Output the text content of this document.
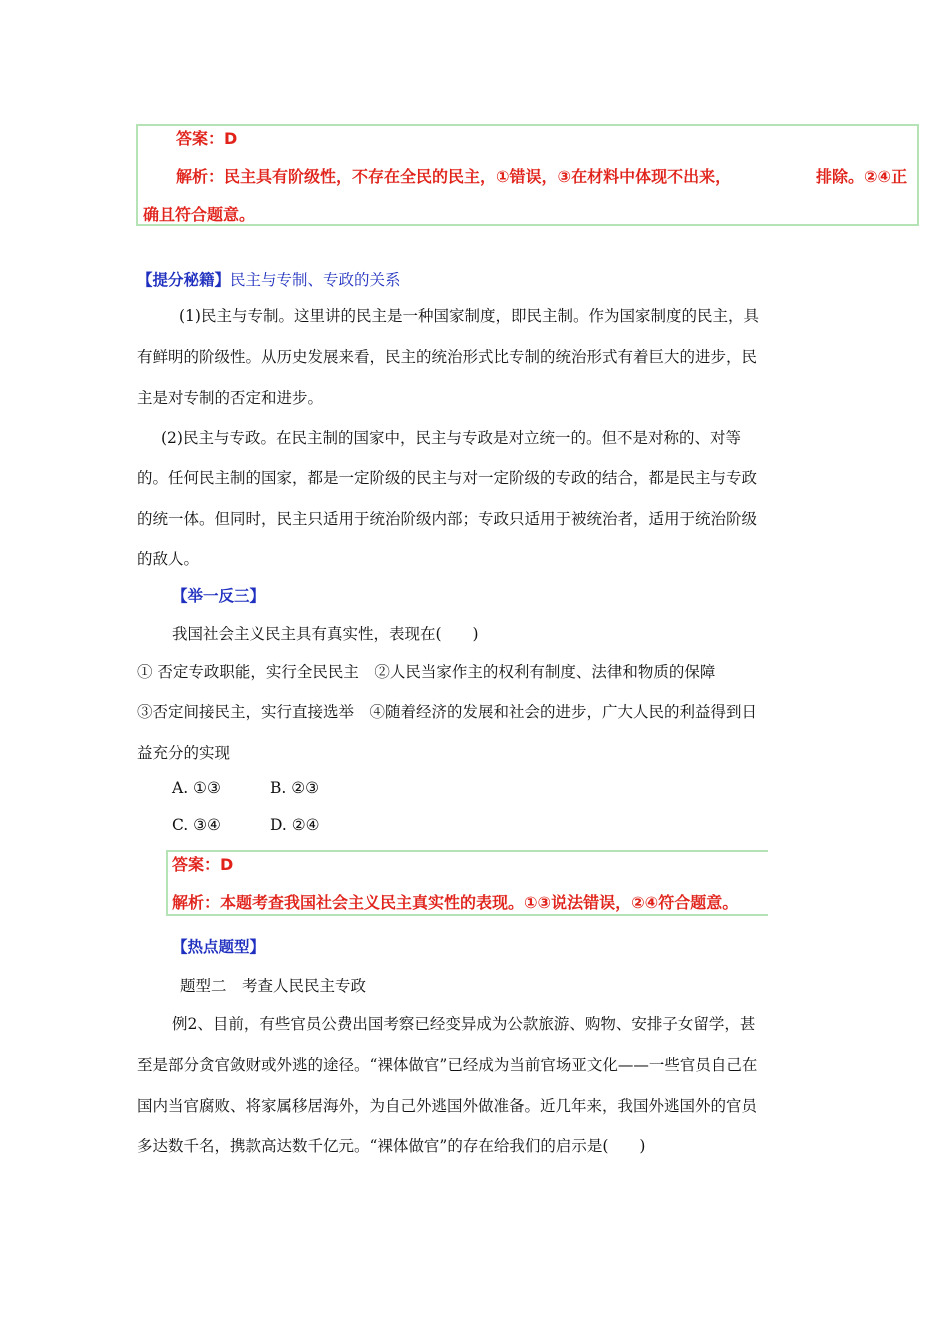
答案：D
解析：民主具有阶级性，不存在全民的民主，①错误，③在材料中体现不出来，	排除。②④正
确且符合题意。
【提分秘籍】民主与专制、专政的关系
(1)民主与专制。这里讲的民主是一种国家制度，即民主制。作为国家制度的民主，具
有鲜明的阶级性。从历史发展来看，民主的统治形式比专制的统治形式有着巨大的进步，民
主是对专制的否定和进步。
(2)民主与专政。在民主制的国家中，民主与专政是对立统一的。但不是对称的、对等
的。任何民主制的国家，都是一定阶级的民主与对一定阶级的专政的结合，都是民主与专政
的统一体。但同时，民主只适用于统治阶级内部；专政只适用于被统治者，适用于统治阶级
的敌人。
【举一反三】
我国社会主义民主具有真实性，表现在(　　)
① 否定专政职能，实行全民民主　②人民当家作主的权利有制度、法律和物质的保障
③否定间接民主，实行直接选举　④随着经济的发展和社会的进步，广大人民的利益得到日
益充分的实现
A. ①③	B. ②③
C. ③④	D. ②④
答案：D
解析：本题考查我国社会主义民主真实性的表现。①③说法错误，②④符合题意。
【热点题型】
题型二　考查人民民主专政
例2、目前，有些官员公费出国考察已经变异成为公款旅游、购物、安排子女留学，甚
至是部分贪官敛财或外逃的途径。“裸体做官”已经成为当前官场亚文化——一些官员自己在
国内当官腐败、将家属移居海外，为自己外逃国外做准备。近几年来，我国外逃国外的官员
多达数千名，携款高达数千亿元。“裸体做官”的存在给我们的启示是(　　)
